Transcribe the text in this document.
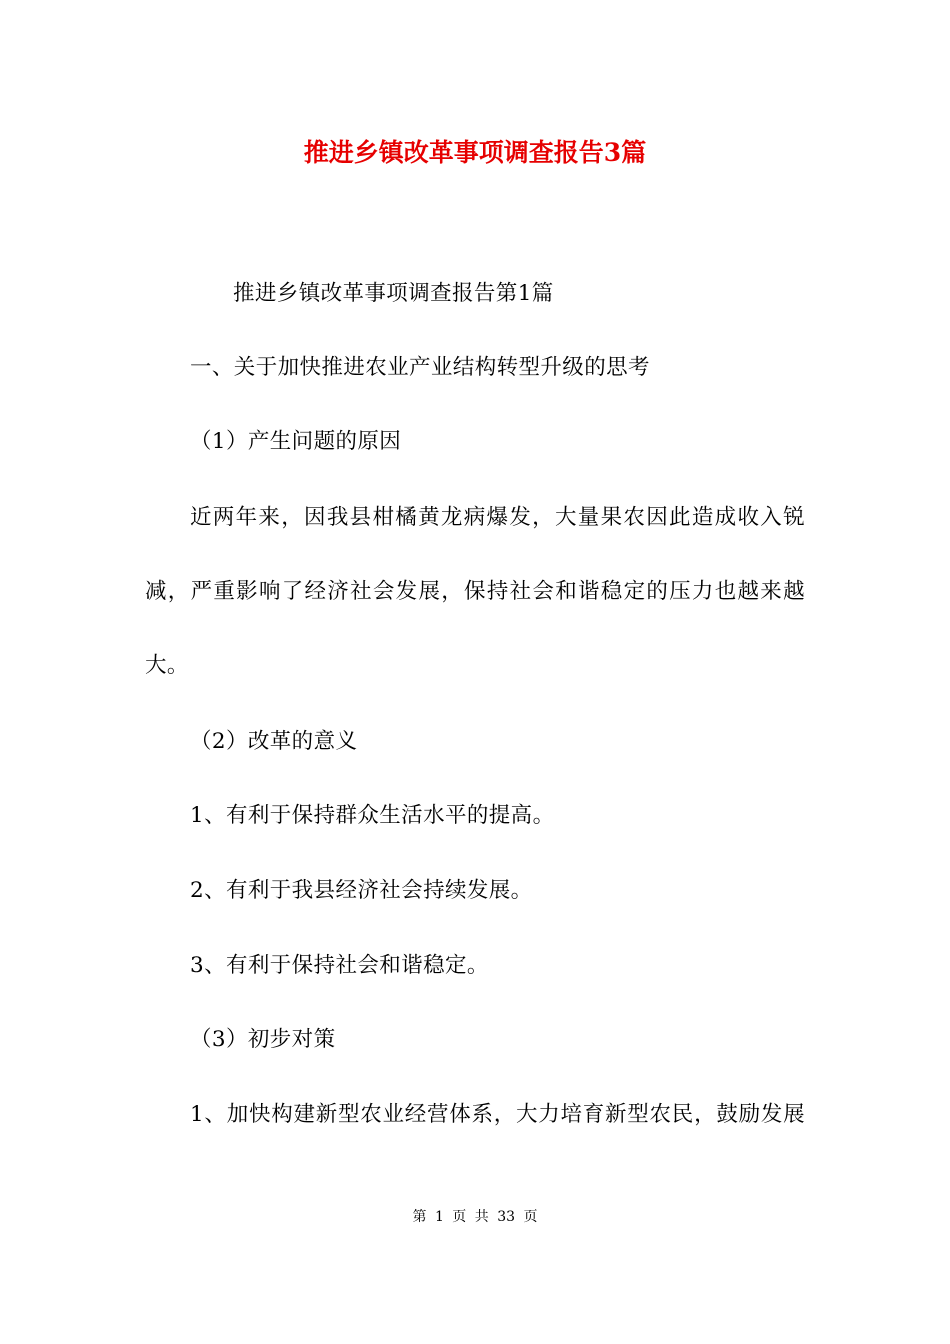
推进乡镇改革事项调查报告3篇
推进乡镇改革事项调查报告第1篇
一、关于加快推进农业产业结构转型升级的思考
（1）产生问题的原因
近两年来，因我县柑橘黄龙病爆发，大量果农因此造成收入锐
减，严重影响了经济社会发展，保持社会和谐稳定的压力也越来越
大。
（2）改革的意义
1、有利于保持群众生活水平的提高。
2、有利于我县经济社会持续发展。
3、有利于保持社会和谐稳定。
（3）初步对策
1、加快构建新型农业经营体系，大力培育新型农民，鼓励发展
第 1 页 共 33 页
